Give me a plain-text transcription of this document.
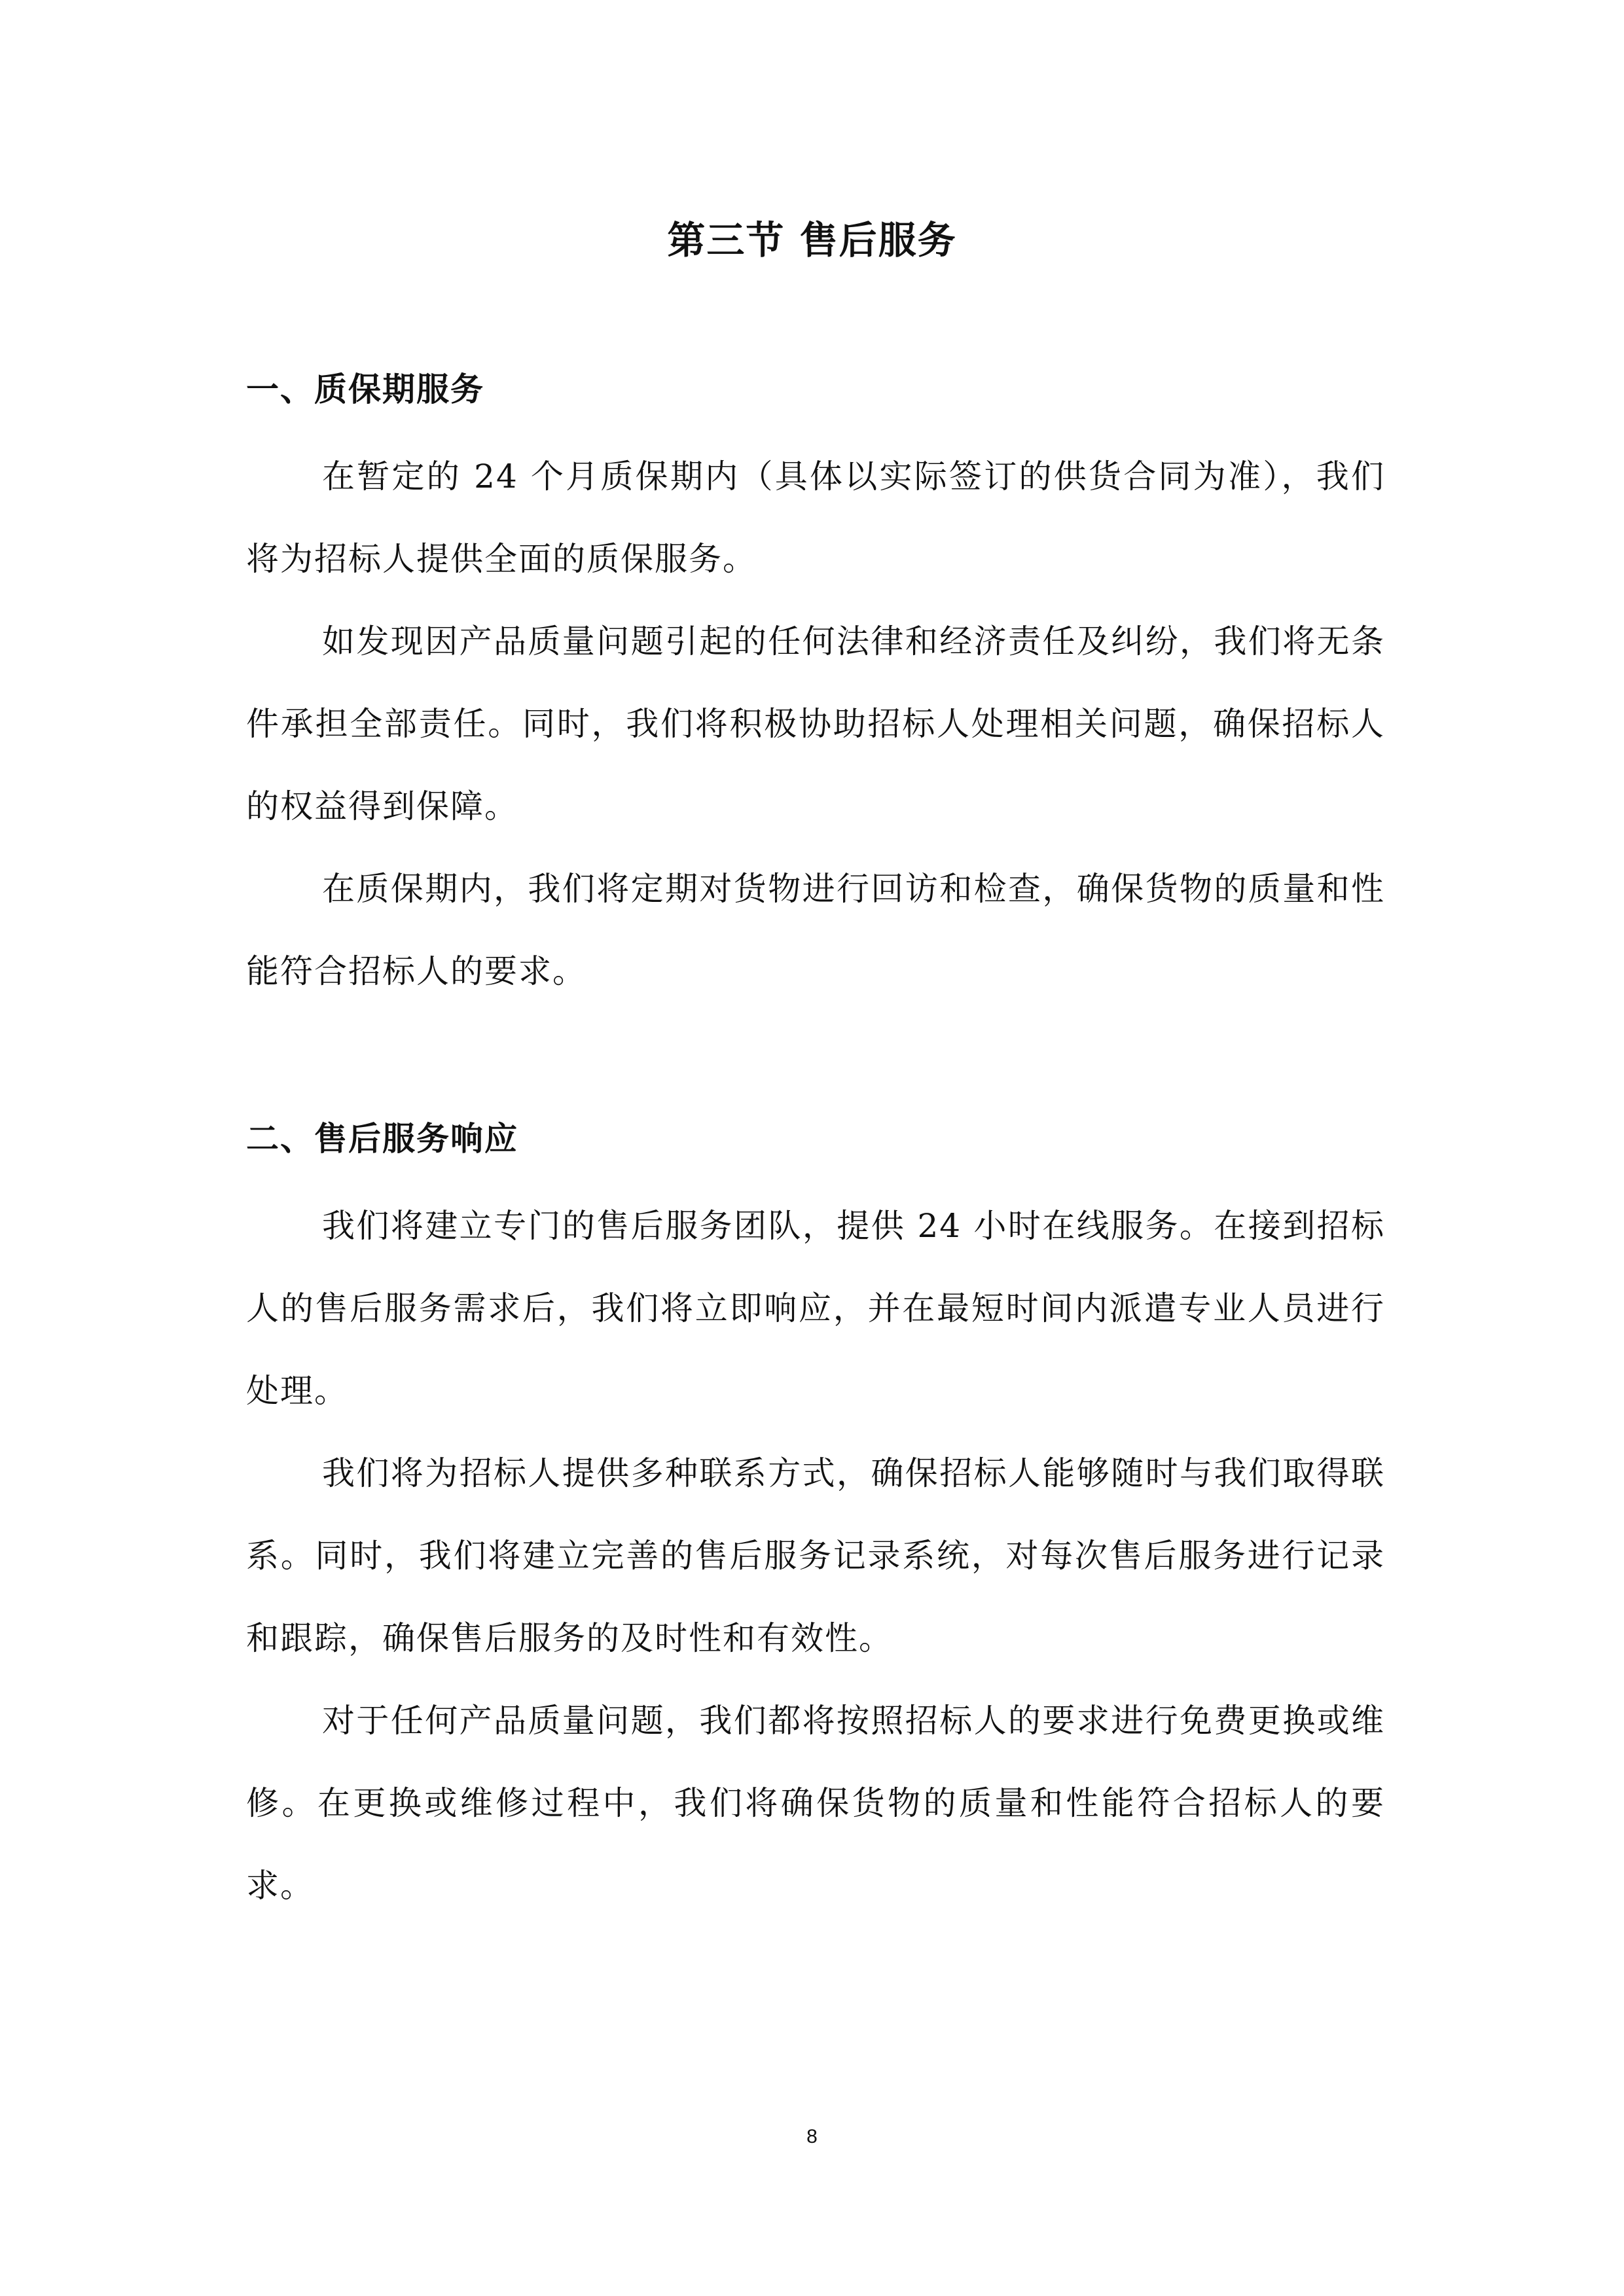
第三节 售后服务
一、质保期服务

在暂定的 24 个月质保期内（具体以实际签订的供货合同为准），我们将为招标人提供全面的质保服务。

如发现因产品质量问题引起的任何法律和经济责任及纠纷，我们将无条件承担全部责任。同时，我们将积极协助招标人处理相关问题，确保招标人的权益得到保障。

在质保期内，我们将定期对货物进行回访和检查，确保货物的质量和性能符合招标人的要求。

二、售后服务响应

我们将建立专门的售后服务团队，提供 24 小时在线服务。在接到招标人的售后服务需求后，我们将立即响应，并在最短时间内派遣专业人员进行处理。

我们将为招标人提供多种联系方式，确保招标人能够随时与我们取得联系。同时，我们将建立完善的售后服务记录系统，对每次售后服务进行记录和跟踪，确保售后服务的及时性和有效性。

对于任何产品质量问题，我们都将按照招标人的要求进行免费更换或维修。在更换或维修过程中，我们将确保货物的质量和性能符合招标人的要求。

8
